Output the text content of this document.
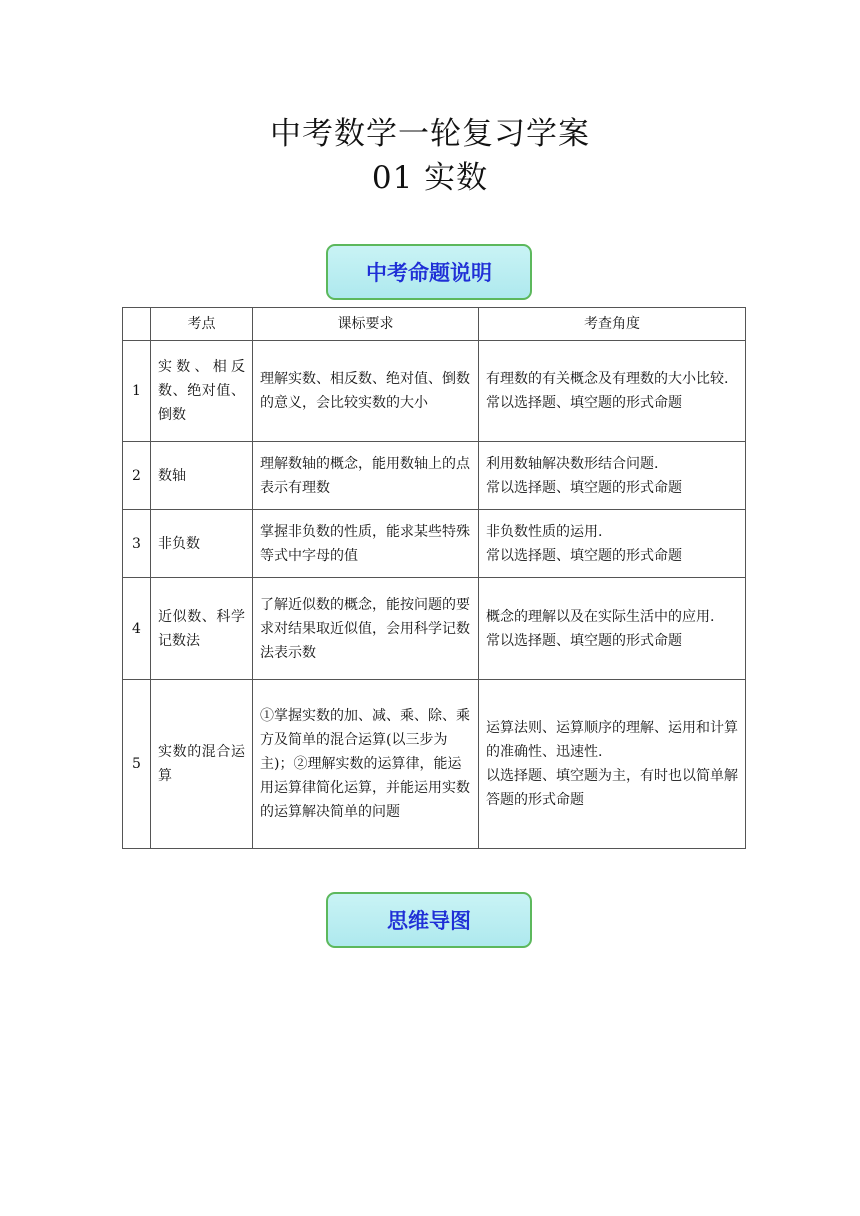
中考数学一轮复习学案
01 实数
中考命题说明
	考点	课标要求	考查角度
1	实数、相反数、绝对值、倒数	理解实数、相反数、绝对值、倒数的意义，会比较实数的大小	有理数的有关概念及有理数的大小比较.
常以选择题、填空题的形式命题

2	数轴	理解数轴的概念，能用数轴上的点表示有理数	利用数轴解决数形结合问题.
常以选择题、填空题的形式命题

3	非负数	掌握非负数的性质，能求某些特殊等式中字母的值	非负数性质的运用.
常以选择题、填空题的形式命题

4	近似数、科学记数法	了解近似数的概念，能按问题的要求对结果取近似值，会用科学记数法表示数	概念的理解以及在实际生活中的应用.
常以选择题、填空题的形式命题

5	实数的混合运算	①掌握实数的加、减、乘、除、乘方及简单的混合运算(以三步为主)；②理解实数的运算律，能运用运算律简化运算，并能运用实数的运算解决简单的问题	运算法则、运算顺序的理解、运用和计算的准确性、迅速性.
以选择题、填空题为主，有时也以简单解答题的形式命题
思维导图
